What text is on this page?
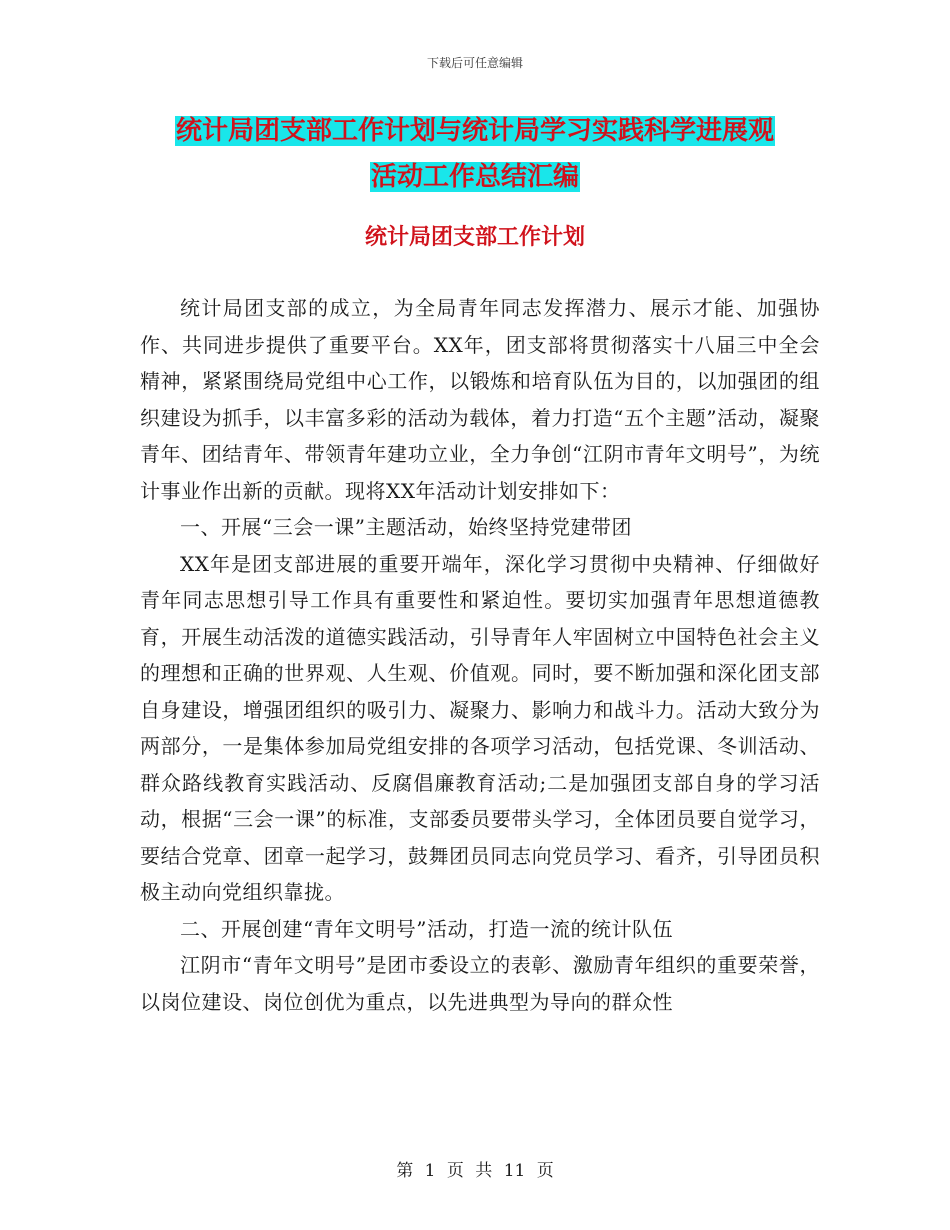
下载后可任意编辑
统计局团支部工作计划与统计局学习实践科学进展观
活动工作总结汇编
统计局团支部工作计划

统计局团支部的成立，为全局青年同志发挥潜力、展示才能、加强协作、共同进步提供了重要平台。XX年，团支部将贯彻落实十八届三中全会精神，紧紧围绕局党组中心工作，以锻炼和培育队伍为目的，以加强团的组织建设为抓手，以丰富多彩的活动为载体，着力打造“五个主题”活动，凝聚青年、团结青年、带领青年建功立业，全力争创“江阴市青年文明号”，为统计事业作出新的贡献。现将XX年活动计划安排如下：

一、开展“三会一课”主题活动，始终坚持党建带团

XX年是团支部进展的重要开端年，深化学习贯彻中央精神、仔细做好青年同志思想引导工作具有重要性和紧迫性。要切实加强青年思想道德教育，开展生动活泼的道德实践活动，引导青年人牢固树立中国特色社会主义的理想和正确的世界观、人生观、价值观。同时，要不断加强和深化团支部自身建设，增强团组织的吸引力、凝聚力、影响力和战斗力。活动大致分为两部分，一是集体参加局党组安排的各项学习活动，包括党课、冬训活动、群众路线教育实践活动、反腐倡廉教育活动;二是加强团支部自身的学习活动，根据“三会一课”的标准，支部委员要带头学习，全体团员要自觉学习，要结合党章、团章一起学习，鼓舞团员同志向党员学习、看齐，引导团员积极主动向党组织靠拢。

二、开展创建“青年文明号”活动，打造一流的统计队伍

江阴市“青年文明号”是团市委设立的表彰、激励青年组织的重要荣誉，以岗位建设、岗位创优为重点，以先进典型为导向的群众性

第 1 页 共 11 页
